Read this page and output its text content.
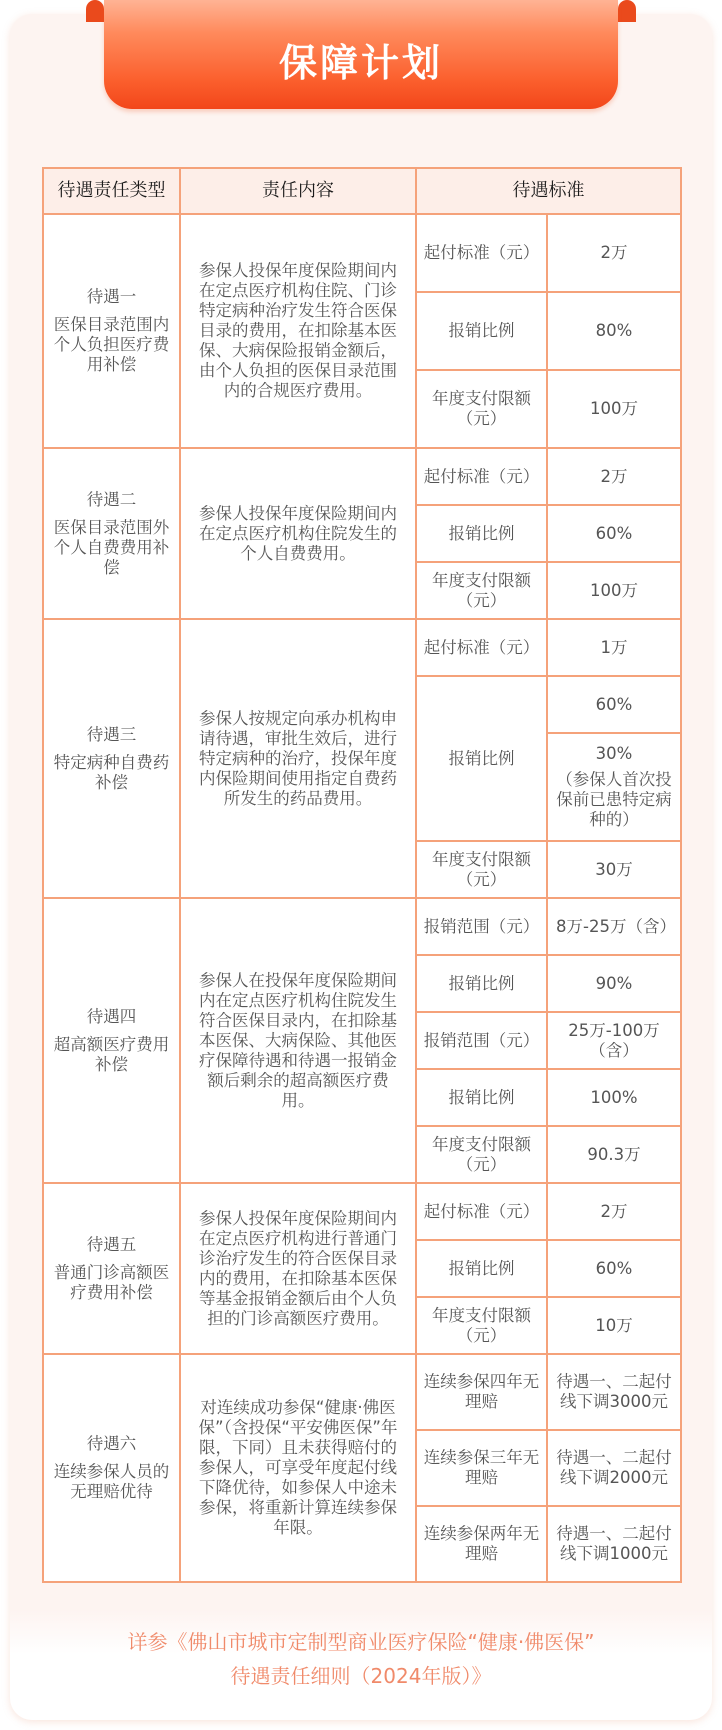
保障计划
待遇责任类型	责任内容	待遇标准	

待遇一
医保目录范围内个人负担医疗费用补偿	参保人投保年度保险期间内在定点医疗机构住院、门诊特定病种治疗发生符合医保目录的费用，在扣除基本医保、大病保险报销金额后，由个人负担的医保目录范围内的合规医疗费用。	起付标准（元）	2万
		报销比例	80%
		年度支付限额（元）	100万

待遇二
医保目录范围外个人自费费用补偿	参保人投保年度保险期间内在定点医疗机构住院发生的个人自费费用。	起付标准（元）	2万
		报销比例	60%
		年度支付限额（元）	100万

待遇三
特定病种自费药补偿	参保人按规定向承办机构申请待遇，审批生效后，进行特定病种的治疗，投保年度内保险期间使用指定自费药所发生的药品费用。	起付标准（元）	1万
		报销比例	60%
			30%
（参保人首次投保前已患特定病种的）

		年度支付限额（元）	30万

待遇四
超高额医疗费用补偿	参保人在投保年度保险期间内在定点医疗机构住院发生符合医保目录内，在扣除基本医保、大病保险、其他医疗保障待遇和待遇一报销金额后剩余的超高额医疗费用。	报销范围（元）	8万-25万（含）
		报销比例	90%
		报销范围（元）	25万-100万（含）
		报销比例	100%
		年度支付限额（元）	90.3万

待遇五
普通门诊高额医疗费用补偿	参保人投保年度保险期间内在定点医疗机构进行普通门诊治疗发生的符合医保目录内的费用，在扣除基本医保等基金报销金额后由个人负担的门诊高额医疗费用。	起付标准（元）	2万
		报销比例	60%
		年度支付限额（元）	10万

待遇六
连续参保人员的无理赔优待	对连续成功参保“健康·佛医保”（含投保“平安佛医保”年限，下同）且未获得赔付的参保人，可享受年度起付线下降优待，如参保人中途未参保，将重新计算连续参保年限。	连续参保四年无理赔	待遇一、二起付线下调3000元
		连续参保三年无理赔	待遇一、二起付线下调2000元
		连续参保两年无理赔	待遇一、二起付线下调1000元
详参《佛山市城市定制型商业医疗保险“健康·佛医保”
待遇责任细则（2024年版）》
